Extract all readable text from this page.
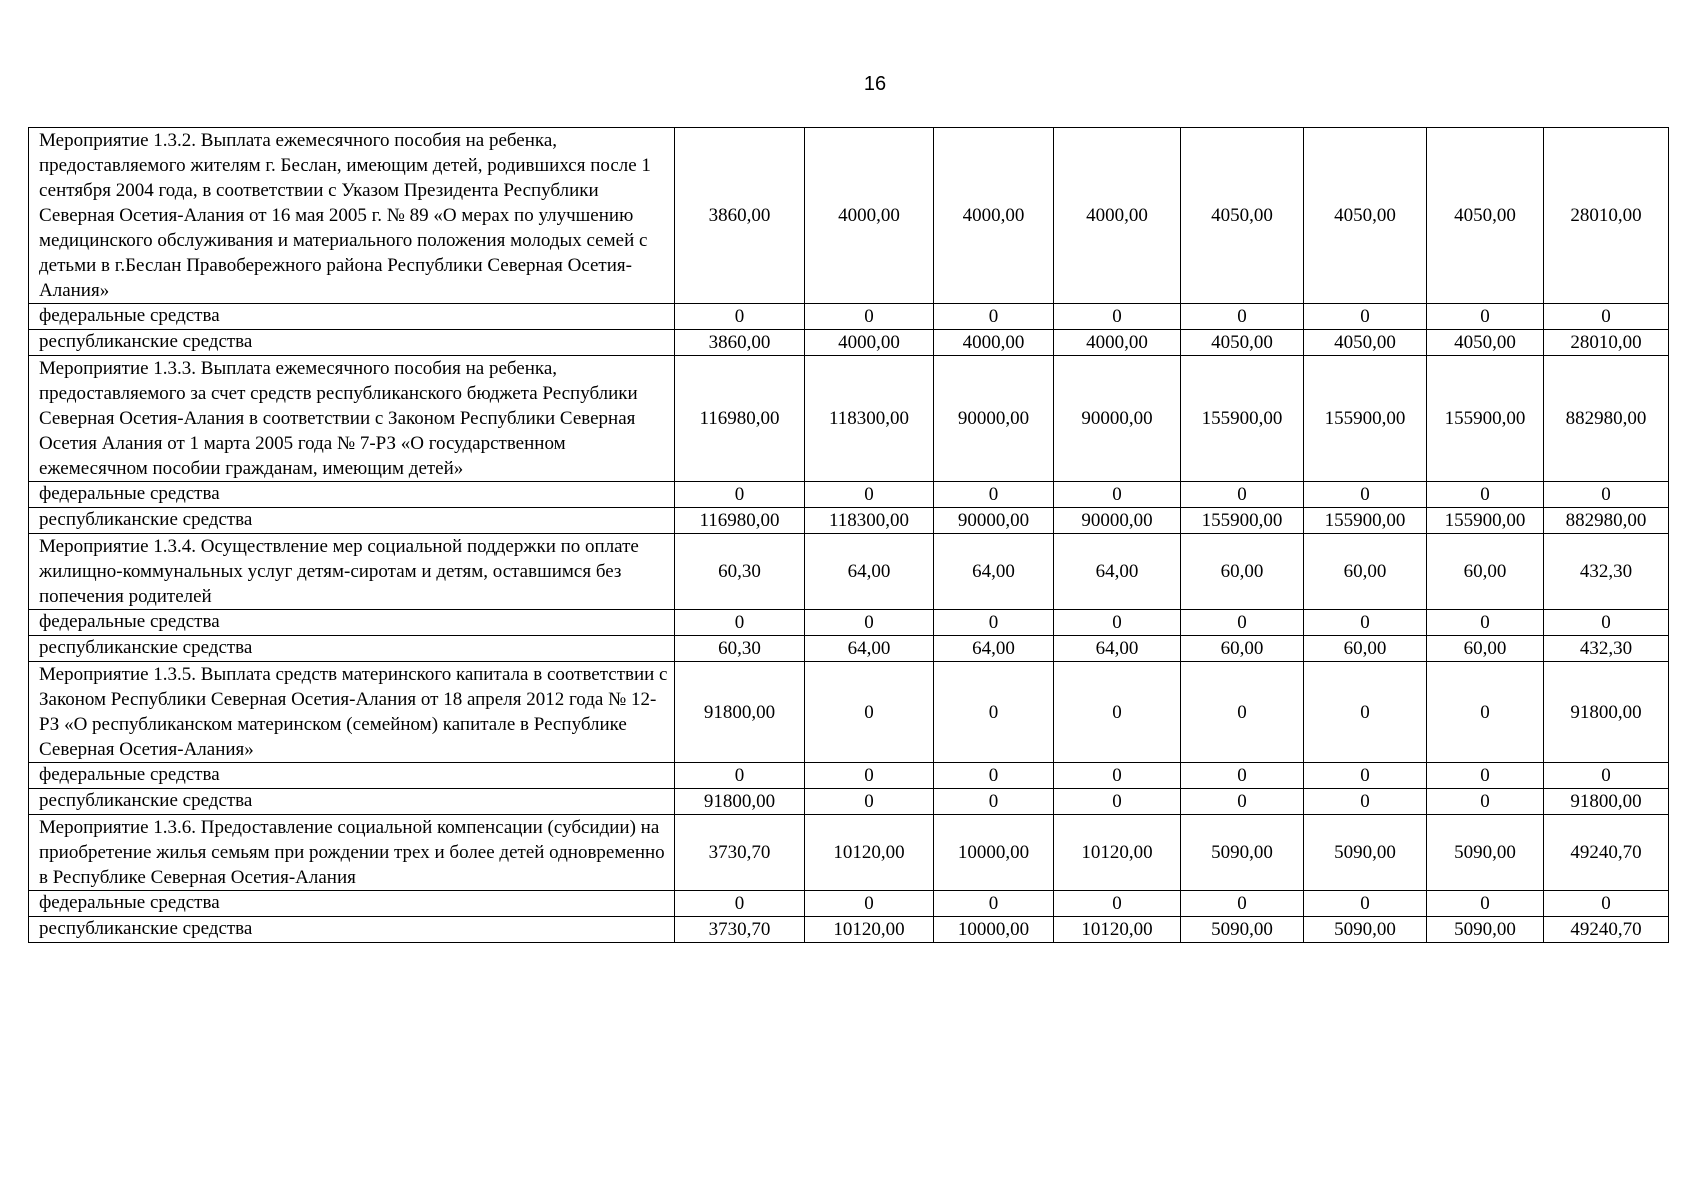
16
Мероприятие 1.3.2. Выплата ежемесячного пособия на ребенка, предоставляемого жителям г. Беслан, имеющим детей, родившихся после 1 сентября 2004 года, в соответствии с Указом Президента Республики Северная Осетия-Алания от 16 мая 2005 г. № 89 «О мерах по улучшению медицинского обслуживания и материального положения молодых семей с детьми в г.Беслан Правобережного района Республики Северная Осетия-Алания»	3860,00	4000,00	4000,00	4000,00	4050,00	4050,00	4050,00	28010,00
федеральные средства	0	0	0	0	0	0	0	0
республиканские средства	3860,00	4000,00	4000,00	4000,00	4050,00	4050,00	4050,00	28010,00
Мероприятие 1.3.3. Выплата ежемесячного пособия на ребенка, предоставляемого за счет средств республиканского бюджета Республики Северная Осетия-Алания в соответствии с Законом Республики Северная Осетия Алания от 1 марта 2005 года № 7-РЗ «О государственном ежемесячном пособии гражданам, имеющим детей»	116980,00	118300,00	90000,00	90000,00	155900,00	155900,00	155900,00	882980,00
федеральные средства	0	0	0	0	0	0	0	0
республиканские средства	116980,00	118300,00	90000,00	90000,00	155900,00	155900,00	155900,00	882980,00
Мероприятие 1.3.4. Осуществление мер социальной поддержки по оплате жилищно-коммунальных услуг детям-сиротам и детям, оставшимся без попечения родителей	60,30	64,00	64,00	64,00	60,00	60,00	60,00	432,30
федеральные средства	0	0	0	0	0	0	0	0
республиканские средства	60,30	64,00	64,00	64,00	60,00	60,00	60,00	432,30
Мероприятие 1.3.5. Выплата средств материнского капитала в соответствии с Законом Республики Северная Осетия-Алания от 18 апреля 2012 года № 12-РЗ «О республиканском материнском (семейном) капитале в Республике Северная Осетия-Алания»	91800,00	0	0	0	0	0	0	91800,00
федеральные средства	0	0	0	0	0	0	0	0
республиканские средства	91800,00	0	0	0	0	0	0	91800,00
Мероприятие 1.3.6. Предоставление социальной компенсации (субсидии) на приобретение жилья семьям при рождении трех и более детей одновременно в Республике Северная Осетия-Алания	3730,70	10120,00	10000,00	10120,00	5090,00	5090,00	5090,00	49240,70
федеральные средства	0	0	0	0	0	0	0	0
республиканские средства	3730,70	10120,00	10000,00	10120,00	5090,00	5090,00	5090,00	49240,70
